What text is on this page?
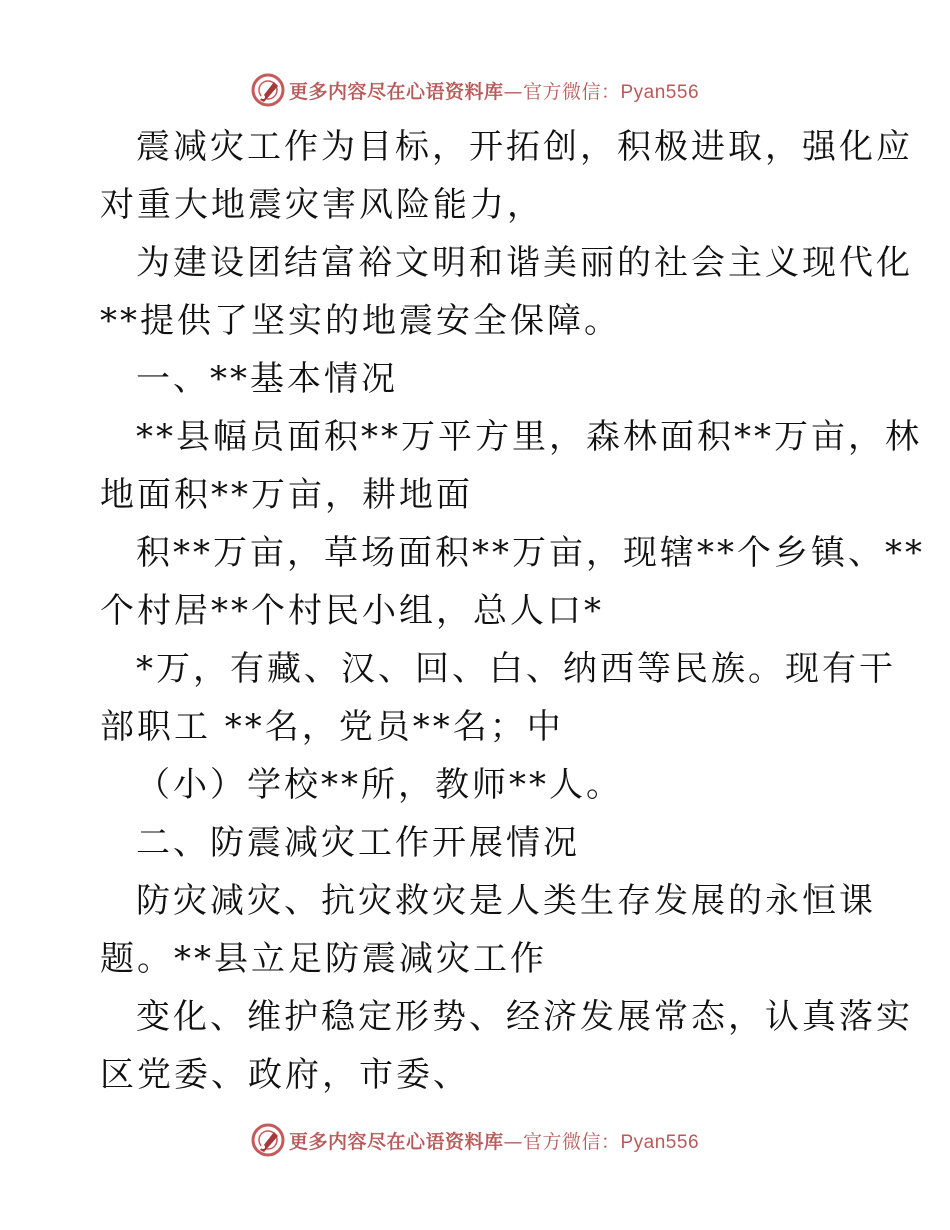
更多内容尽在心语资料库—官方微信：Pyan556
震减灾工作为目标，开拓创，积极进取，强化应
对重大地震灾害风险能力，
为建设团结富裕文明和谐美丽的社会主义现代化
**提供了坚实的地震安全保障。
一、**基本情况
**县幅员面积**万平方里，森林面积**万亩，林
地面积**万亩，耕地面
积**万亩，草场面积**万亩，现辖**个乡镇、**
个村居**个村民小组，总人口*
*万，有藏、汉、回、白、纳西等民族。现有干
部职工 **名，党员**名；中
（小）学校**所，教师**人。
二、防震减灾工作开展情况
防灾减灾、抗灾救灾是人类生存发展的永恒课
题。**县立足防震减灾工作
变化、维护稳定形势、经济发展常态，认真落实
区党委、政府，市委、
更多内容尽在心语资料库—官方微信：Pyan556
